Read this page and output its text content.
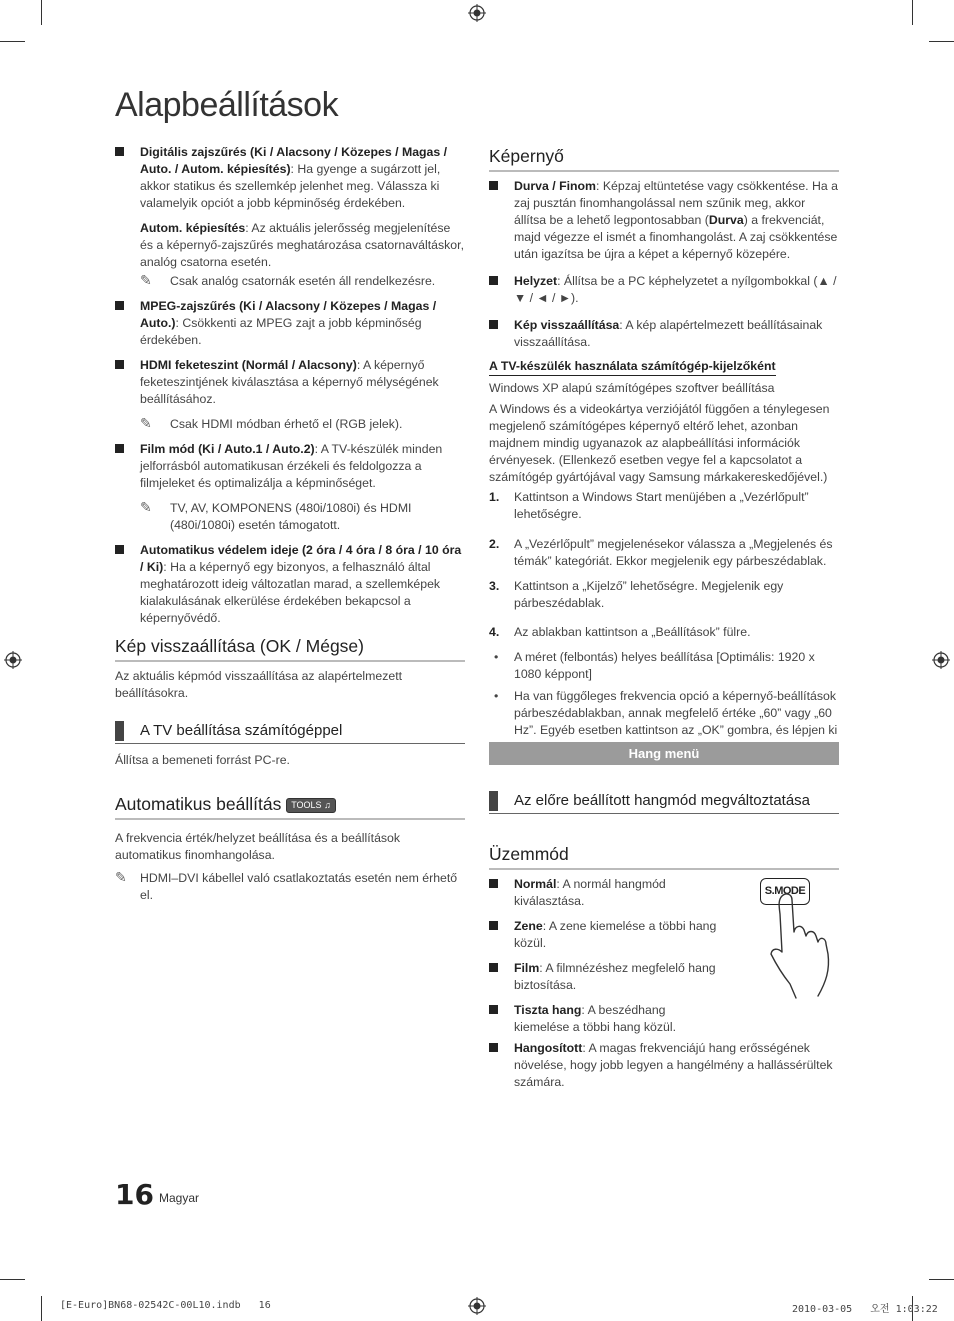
Alapbeállítások
Digitális zajszűrés (Ki / Alacsony / Közepes / Magas / Auto. / Autom. képiesítés): Ha gyenge a sugárzott jel, akkor statikus és szellemkép jelenhet meg. Válassza ki valamelyik opciót a jobb képminőség érdekében.
Autom. képiesítés: Az aktuális jelerősség megjelenítése és a képernyő-zajszűrés meghatározása csatornaváltáskor, analóg csatorna esetén.
✎ Csak analóg csatornák esetén áll rendelkezésre.
MPEG-zajszűrés (Ki / Alacsony / Közepes / Magas / Auto.): Csökkenti az MPEG zajt a jobb képminőség érdekében.
HDMI feketeszint (Normál / Alacsony): A képernyő feketeszintjének kiválasztása a képernyő mélységének beállításához.
✎ Csak HDMI módban érhető el (RGB jelek).
Film mód (Ki / Auto.1 / Auto.2): A TV-készülék minden jelforrásból automatikusan érzékeli és feldolgozza a filmjeleket és optimalizálja a képminőséget.
✎ TV, AV, KOMPONENS (480i/1080i) és HDMI (480i/1080i) esetén támogatott.
Automatikus védelem ideje (2 óra / 4 óra / 8 óra / 10 óra / Ki): Ha a képernyő egy bizonyos, a felhasználó által meghatározott ideig változatlan marad, a szellemképek kialakulásának elkerülése érdekében bekapcsol a képernyővédő.
Kép visszaállítása (OK / Mégse)
Az aktuális képmód visszaállítása az alapértelmezett beállításokra.
A TV beállítása számítógéppel
Állítsa a bemeneti forrást PC-re.
Automatikus beállítás TOOLS ♫
A frekvencia érték/helyzet beállítása és a beállítások automatikus finomhangolása.
✎ HDMI–DVI kábellel való csatlakoztatás esetén nem érhető el.
Képernyő
Durva / Finom: Képzaj eltüntetése vagy csökkentése. Ha a zaj pusztán finomhangolással nem szűnik meg, akkor állítsa be a lehető legpontosabban (Durva) a frekvenciát, majd végezze el ismét a finomhangolást. A zaj csökkentése után igazítsa be újra a képet a képernyő közepére.
Helyzet: Állítsa be a PC képhelyzetet a nyílgombokkal (▲ / ▼ / ◄ / ►).
Kép visszaállítása: A kép alapértelmezett beállításainak visszaállítása.
A TV-készülék használata számítógép-kijelzőként
Windows XP alapú számítógépes szoftver beállítása
A Windows és a videokártya verziójától függően a ténylegesen megjelenő számítógépes képernyő eltérő lehet, azonban majdnem mindig ugyanazok az alapbeállítási információk érvényesek. (Ellenkező esetben vegye fel a kapcsolatot a számítógép gyártójával vagy Samsung márkakereskedőjével.)
1. Kattintson a Windows Start menüjében a „Vezérlőpult” lehetőségre.
2. A „Vezérlőpult” megjelenésekor válassza a „Megjelenés és témák” kategóriát. Ekkor megjelenik egy párbeszédablak.
3. Kattintson a „Kijelző” lehetőségre. Megjelenik egy párbeszédablak.
4. Az ablakban kattintson a „Beállítások” fülre.
• A méret (felbontás) helyes beállítása [Optimális: 1920 x 1080 képpont]
• Ha van függőleges frekvencia opció a képernyő-beállítások párbeszédablakban, annak megfelelő értéke „60” vagy „60 Hz”. Egyéb esetben kattintson az „OK” gombra, és lépjen ki
Hang menü
Az előre beállított hangmód megváltoztatása
Üzemmód
Normál: A normál hangmód kiválasztása.
Zene: A zene kiemelése a többi hang közül.
Film: A filmnézéshez megfelelő hang biztosítása.
Tiszta hang: A beszédhang kiemelése a többi hang közül.
Hangosított: A magas frekvenciájú hang erősségének növelése, hogy jobb legyen a hangélmény a hallássérültek számára.
S.MODE
16 Magyar
[E-Euro]BN68-02542C-00L10.indb   16	2010-03-05   오전 1:03:22
